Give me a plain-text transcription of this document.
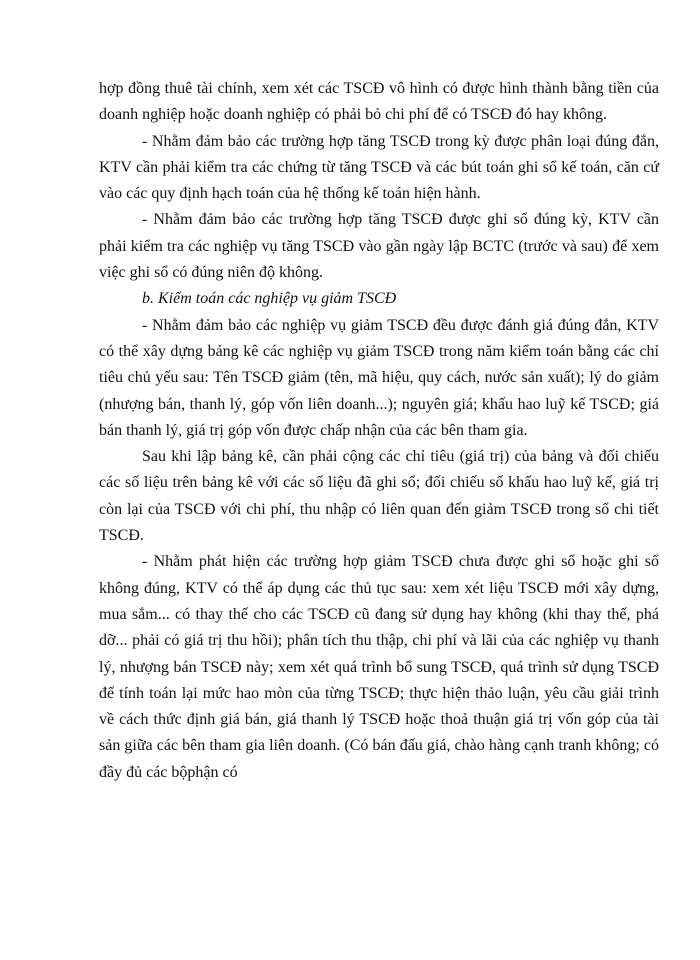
hợp đồng thuê tài chính, xem xét các TSCĐ vô hình có được hình thành bằng tiền của doanh nghiệp hoặc doanh nghiệp có phải bỏ chi phí để có TSCĐ đó hay không.

- Nhằm đảm bảo các trường hợp tăng TSCĐ trong kỳ được phân loại đúng đắn, KTV cần phải kiểm tra các chứng từ tăng TSCĐ và các bút toán ghi sổ kế toán, căn cứ vào các quy định hạch toán của hệ thống kế toán hiện hành.

- Nhằm đảm bảo các trường hợp tăng TSCĐ được ghi sổ đúng kỳ, KTV cần phải kiểm tra các nghiệp vụ tăng TSCĐ vào gần ngày lập BCTC (trước và sau) để xem việc ghi sổ có đúng niên độ không.

b. Kiểm toán các nghiệp vụ giảm TSCĐ

- Nhằm đảm bảo các nghiệp vụ giảm TSCĐ đều được đánh giá đúng đắn, KTV có thể xây dựng bảng kê các nghiệp vụ giảm TSCĐ trong năm kiểm toán bằng các chỉ tiêu chủ yếu sau: Tên TSCĐ giảm (tên, mã hiệu, quy cách, nước sản xuất); lý do giảm (nhượng bán, thanh lý, góp vốn liên doanh...); nguyên giá; khấu hao luỹ kế TSCĐ; giá bán thanh lý, giá trị góp vốn được chấp nhận của các bên tham gia.

Sau khi lập bảng kê, cần phải cộng các chỉ tiêu (giá trị) của bảng và đối chiếu các số liệu trên bảng kê với các số liệu đã ghi sổ; đối chiếu số khấu hao luỹ kế, giá trị còn lại của TSCĐ với chi phí, thu nhập có liên quan đến giảm TSCĐ trong sổ chi tiết TSCĐ.

- Nhằm phát hiện các trường hợp giảm TSCĐ chưa được ghi sổ hoặc ghi sổ không đúng, KTV có thể áp dụng các thủ tục sau: xem xét liệu TSCĐ mới xây dựng, mua sắm... có thay thế cho các TSCĐ cũ đang sử dụng hay không (khi thay thế, phá dỡ... phải có giá trị thu hồi); phân tích thu thập, chi phí và lãi của các nghiệp vụ thanh lý, nhượng bán TSCĐ này; xem xét quá trình bổ sung TSCĐ, quá trình sử dụng TSCĐ để tính toán lại mức hao mòn của từng TSCĐ; thực hiện thảo luận, yêu cầu giải trình về cách thức định giá bán, giá thanh lý TSCĐ hoặc thoả thuận giá trị vốn góp của tài sản giữa các bên tham gia liên doanh. (Có bán đấu giá, chào hàng cạnh tranh không; có đầy đủ các bộphận có
